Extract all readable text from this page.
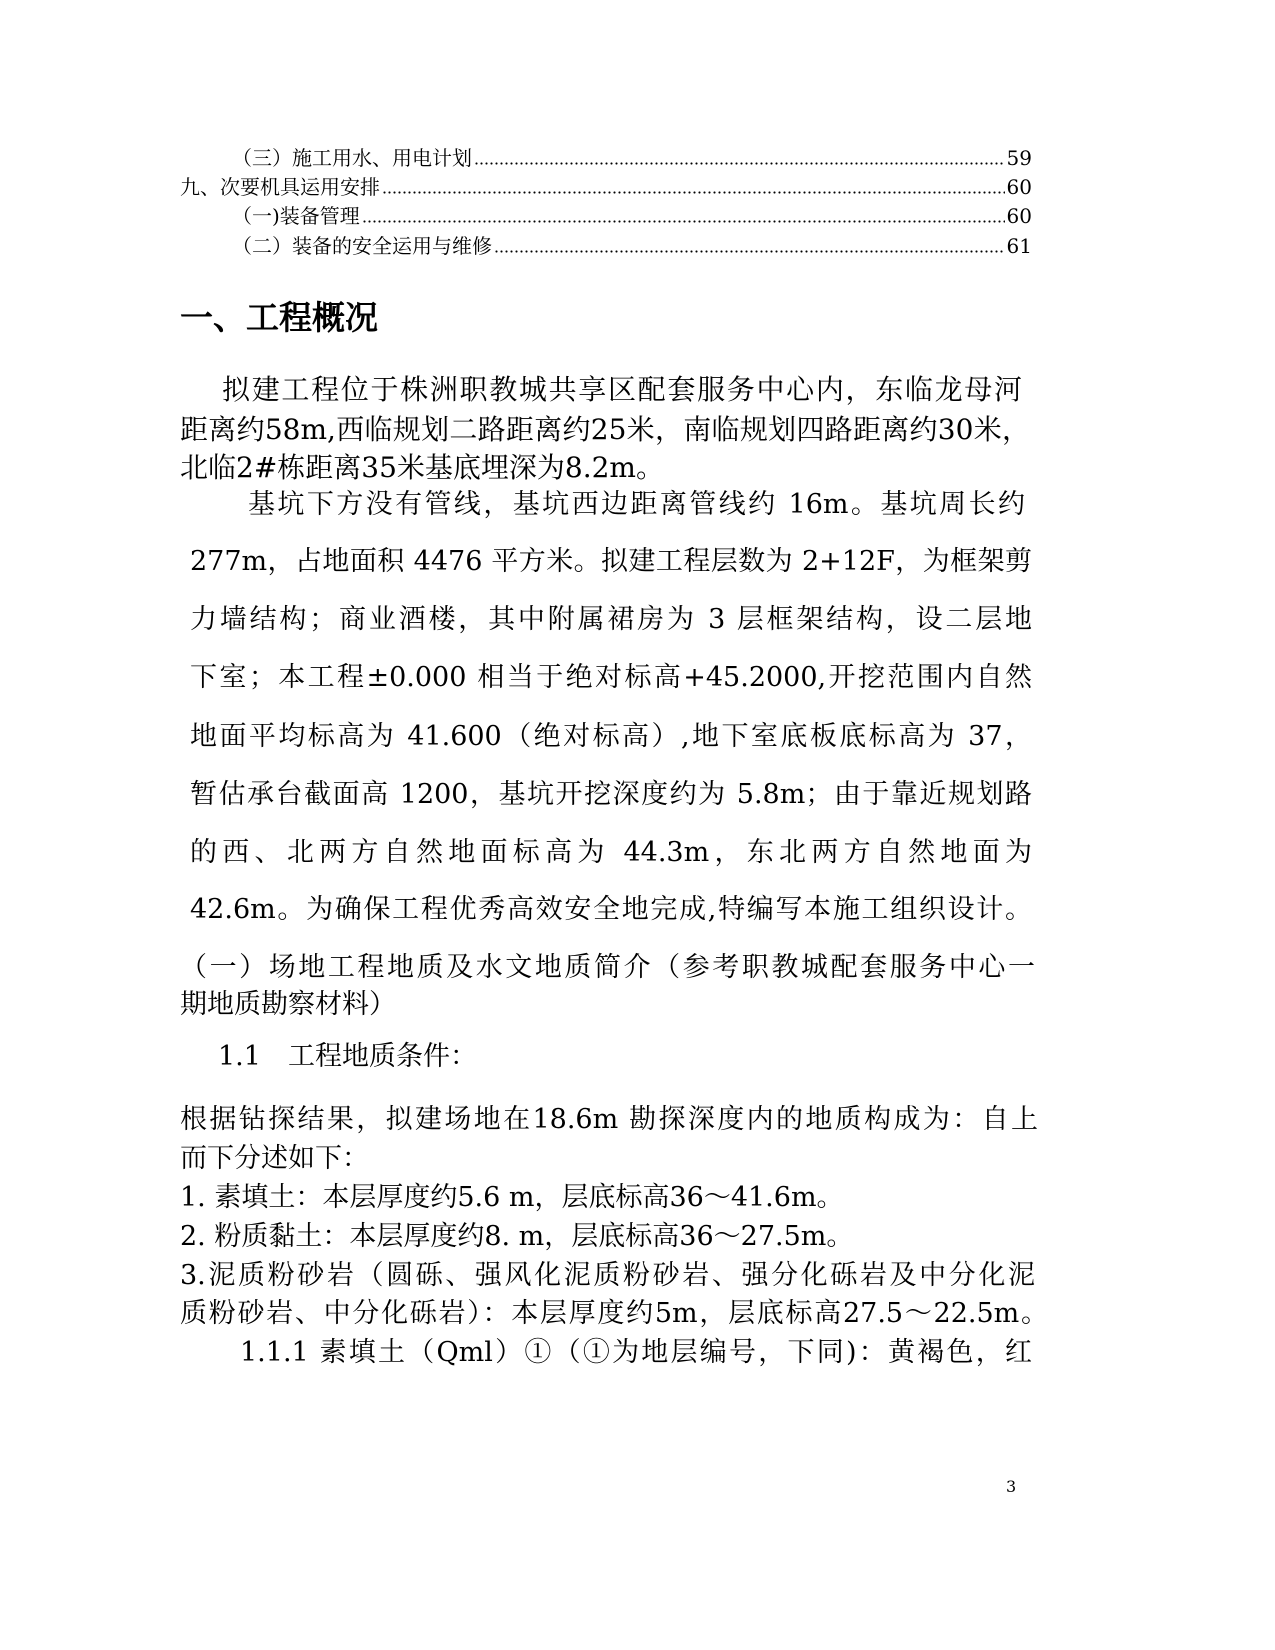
（三）施工用水、用电计划	59
九、次要机具运用安排	60
（一)装备管理	60
（二）装备的安全运用与维修	61
一、工程概况
拟建工程位于株洲职教城共享区配套服务中心内，东临龙母河
距离约58m,西临规划二路距离约25米，南临规划四路距离约30米，
北临2#栋距离35米基底埋深为8.2m。
基坑下方没有管线，基坑西边距离管线约 16m。基坑周长约
277m，占地面积 4476 平方米。拟建工程层数为 2+12F，为框架剪
力墙结构；商业酒楼，其中附属裙房为 3 层框架结构，设二层地
下室；本工程±0.000 相当于绝对标高+45.2000,开挖范围内自然
地面平均标高为 41.600（绝对标高）,地下室底板底标高为 37，
暂估承台截面高 1200，基坑开挖深度约为 5.8m；由于靠近规划路
的西、北两方自然地面标高为 44.3m，东北两方自然地面为
42.6m。为确保工程优秀高效安全地完成,特编写本施工组织设计。
（一）场地工程地质及水文地质简介（参考职教城配套服务中心一
期地质勘察材料）
1.1　工程地质条件：
根据钻探结果，拟建场地在18.6m 勘探深度内的地质构成为：自上
而下分述如下：
1. 素填土：本层厚度约5.6 m，层底标高36～41.6m。
2. 粉质黏土：本层厚度约8. m，层底标高36～27.5m。
3.泥质粉砂岩（圆砾、强风化泥质粉砂岩、强分化砾岩及中分化泥
质粉砂岩、中分化砾岩）：本层厚度约5m，层底标高27.5～22.5m。
1.1.1 素填土（Qml）①（①为地层编号，下同)：黄褐色，红
3
